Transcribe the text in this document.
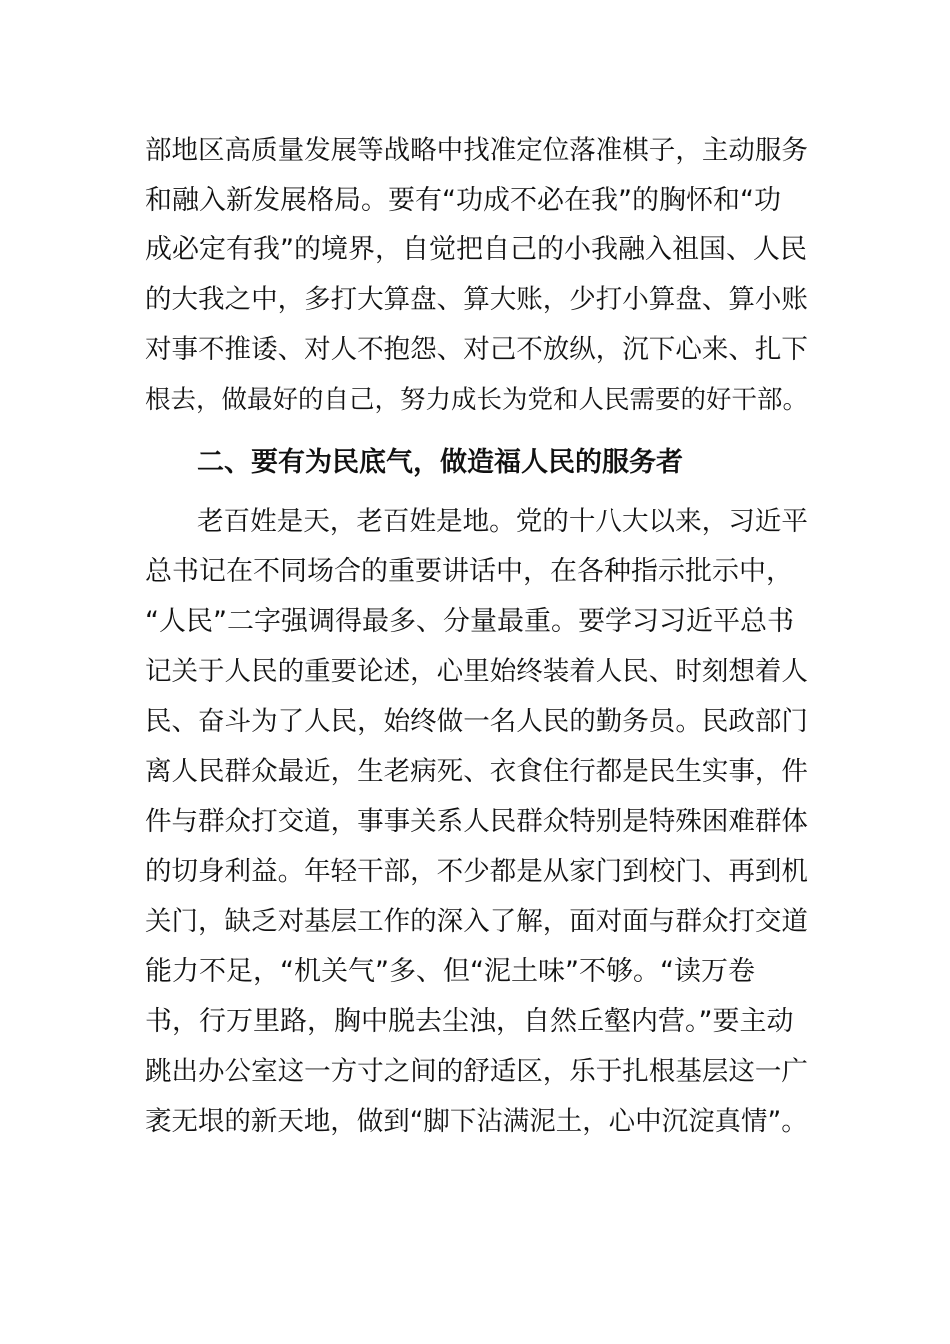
部地区高质量发展等战略中找准定位落准棋子，主动服务
和融入新发展格局。要有“功成不必在我”的胸怀和“功
成必定有我”的境界，自觉把自己的小我融入祖国、人民
的大我之中，多打大算盘、算大账，少打小算盘、算小账
对事不推诿、对人不抱怨、对己不放纵，沉下心来、扎下
根去，做最好的自己，努力成长为党和人民需要的好干部。
二、要有为民底气，做造福人民的服务者
老百姓是天，老百姓是地。党的十八大以来，习近平
总书记在不同场合的重要讲话中，在各种指示批示中，
“人民”二字强调得最多、分量最重。要学习习近平总书
记关于人民的重要论述，心里始终装着人民、时刻想着人
民、奋斗为了人民，始终做一名人民的勤务员。民政部门
离人民群众最近，生老病死、衣食住行都是民生实事，件
件与群众打交道，事事关系人民群众特别是特殊困难群体
的切身利益。年轻干部，不少都是从家门到校门、再到机
关门，缺乏对基层工作的深入了解，面对面与群众打交道
能力不足，“机关气”多、但“泥土味”不够。“读万卷
书，行万里路，胸中脱去尘浊，自然丘壑内营。”要主动
跳出办公室这一方寸之间的舒适区，乐于扎根基层这一广
袤无垠的新天地，做到“脚下沾满泥土，心中沉淀真情”。
